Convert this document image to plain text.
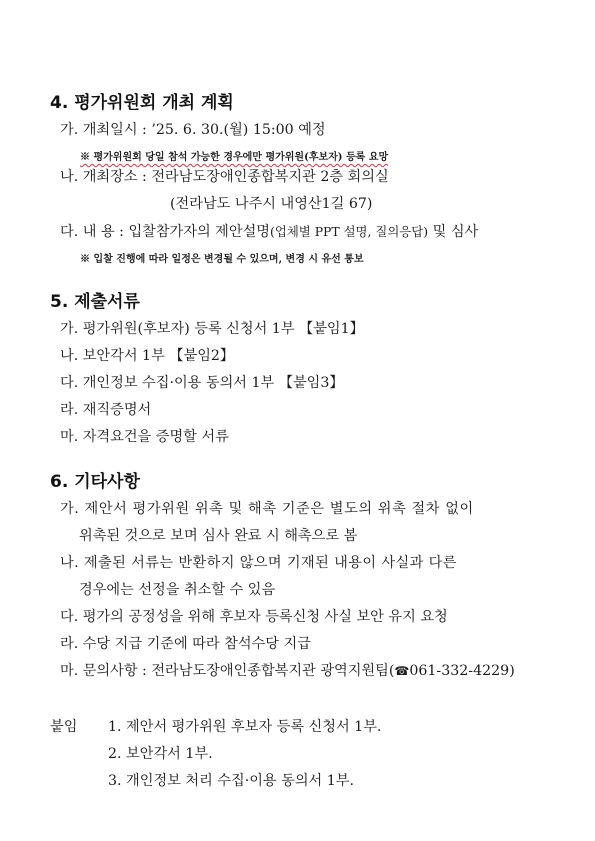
4. 평가위원회 개최 계획
가. 개최일시 : ’25. 6. 30.(월) 15:00 예정
※ 평가위원회 당일 참석 가능한 경우에만 평가위원(후보자) 등록 요망
나. 개최장소 : 전라남도장애인종합복지관 2층 회의실
(전라남도 나주시 내영산1길 67)
다. 내 용 : 입찰참가자의 제안설명(업체별 PPT 설명, 질의응답) 및 심사
※ 입찰 진행에 따라 일정은 변경될 수 있으며, 변경 시 유선 통보
5. 제출서류
가. 평가위원(후보자) 등록 신청서 1부 【붙임1】
나. 보안각서 1부 【붙임2】
다. 개인정보 수집·이용 동의서 1부 【붙임3】
라. 재직증명서
마. 자격요건을 증명할 서류
6. 기타사항
가. 제안서 평가위원 위촉 및 해촉 기준은 별도의 위촉 절차 없이
위촉된 것으로 보며 심사 완료 시 해촉으로 봄
나. 제출된 서류는 반환하지 않으며 기재된 내용이 사실과 다른
경우에는 선정을 취소할 수 있음
다. 평가의 공정성을 위해 후보자 등록신청 사실 보안 유지 요청
라. 수당 지급 기준에 따라 참석수당 지급
마. 문의사항 : 전라남도장애인종합복지관 광역지원팀(☎061-332-4229)
붙임 1. 제안서 평가위원 후보자 등록 신청서 1부.
2. 보안각서 1부.
3. 개인정보 처리 수집·이용 동의서 1부.
